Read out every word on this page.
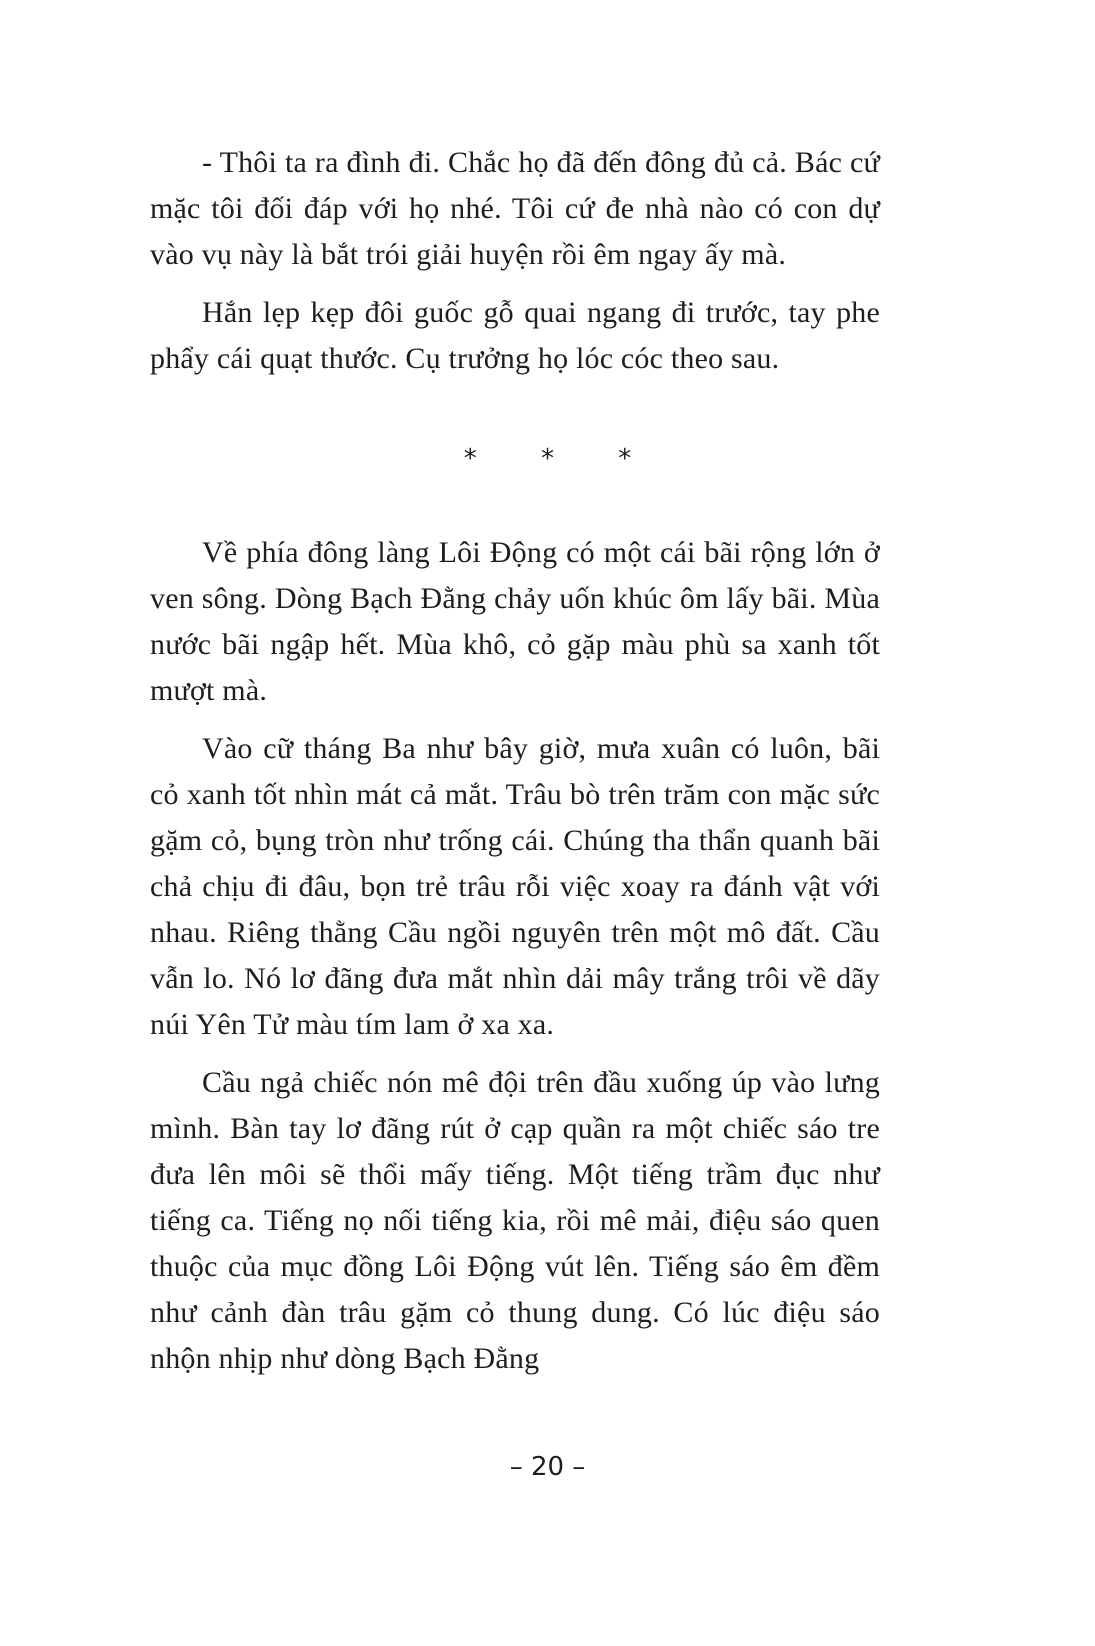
- Thôi ta ra đình đi. Chắc họ đã đến đông đủ cả. Bác cứ mặc tôi đối đáp với họ nhé. Tôi cứ đe nhà nào có con dự vào vụ này là bắt trói giải huyện rồi êm ngay ấy mà.

Hắn lẹp kẹp đôi guốc gỗ quai ngang đi trước, tay phe phẩy cái quạt thước. Cụ trưởng họ lóc cóc theo sau.

* * *

Về phía đông làng Lôi Động có một cái bãi rộng lớn ở ven sông. Dòng Bạch Đằng chảy uốn khúc ôm lấy bãi. Mùa nước bãi ngập hết. Mùa khô, cỏ gặp màu phù sa xanh tốt mượt mà.

Vào cữ tháng Ba như bây giờ, mưa xuân có luôn, bãi cỏ xanh tốt nhìn mát cả mắt. Trâu bò trên trăm con mặc sức gặm cỏ, bụng tròn như trống cái. Chúng tha thẩn quanh bãi chả chịu đi đâu, bọn trẻ trâu rỗi việc xoay ra đánh vật với nhau. Riêng thằng Cầu ngồi nguyên trên một mô đất. Cầu vẫn lo. Nó lơ đãng đưa mắt nhìn dải mây trắng trôi về dãy núi Yên Tử màu tím lam ở xa xa.

Cầu ngả chiếc nón mê đội trên đầu xuống úp vào lưng mình. Bàn tay lơ đãng rút ở cạp quần ra một chiếc sáo tre đưa lên môi sẽ thổi mấy tiếng. Một tiếng trầm đục như tiếng ca. Tiếng nọ nối tiếng kia, rồi mê mải, điệu sáo quen thuộc của mục đồng Lôi Động vút lên. Tiếng sáo êm đềm như cảnh đàn trâu gặm cỏ thung dung. Có lúc điệu sáo nhộn nhịp như dòng Bạch Đằng

– 20 –
